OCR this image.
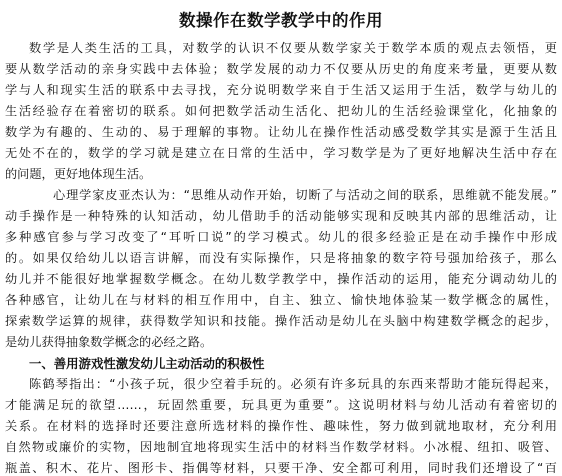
数操作在数学教学中的作用
数学是人类生活的工具，对数学的认识不仅要从数学家关于数学本质的观点去领悟，更
要从数学活动的亲身实践中去体验；数学发展的动力不仅要从历史的角度来考量，更要从数
学与人和现实生活的联系中去寻找，充分说明数学来自于生活又运用于生活，数学与幼儿的
生活经验存在着密切的联系。如何把数学活动生活化、把幼儿的生活经验课堂化，化抽象的
数学为有趣的、生动的、易于理解的事物。让幼儿在操作性活动感受数学其实是源于生活且
无处不在的，数学的学习就是建立在日常的生活中，学习数学是为了更好地解决生活中存在
的问题，更好地体现生活。
心理学家皮亚杰认为：“思维从动作开始，切断了与活动之间的联系，思维就不能发展。”
动手操作是一种特殊的认知活动，幼儿借助手的活动能够实现和反映其内部的思维活动，让
多种感官参与学习改变了“耳听口说”的学习模式。幼儿的很多经验正是在动手操作中形成
的。如果仅给幼儿以语言讲解，而没有实际操作，只是将抽象的数字符号强加给孩子，那么
幼儿并不能很好地掌握数学概念。在幼儿数学教学中，操作活动的运用，能充分调动幼儿的
各种感官，让幼儿在与材料的相互作用中，自主、独立、愉快地体验某一数学概念的属性，
探索数学运算的规律，获得数学知识和技能。操作活动是幼儿在头脑中构建数学概念的起步，
是幼儿获得抽象数学概念的必经之路。
一、善用游戏性激发幼儿主动活动的积极性
陈鹤琴指出：“小孩子玩，很少空着手玩的。必须有许多玩具的东西来帮助才能玩得起来，
才能满足玩的欲望……，玩固然重要，玩具更为重要”。这说明材料与幼儿活动有着密切的
关系。在材料的选择时还要注意所选材料的操作性、趣味性，努力做到就地取材，充分利用
自然物或廉价的实物，因地制宜地将现实生活中的材料当作数学材料。小冰棍、纽扣、吸管、
瓶盖、积木、花片、图形卡、指偶等材料，只要干净、安全都可利用，同时我们还增设了“百
